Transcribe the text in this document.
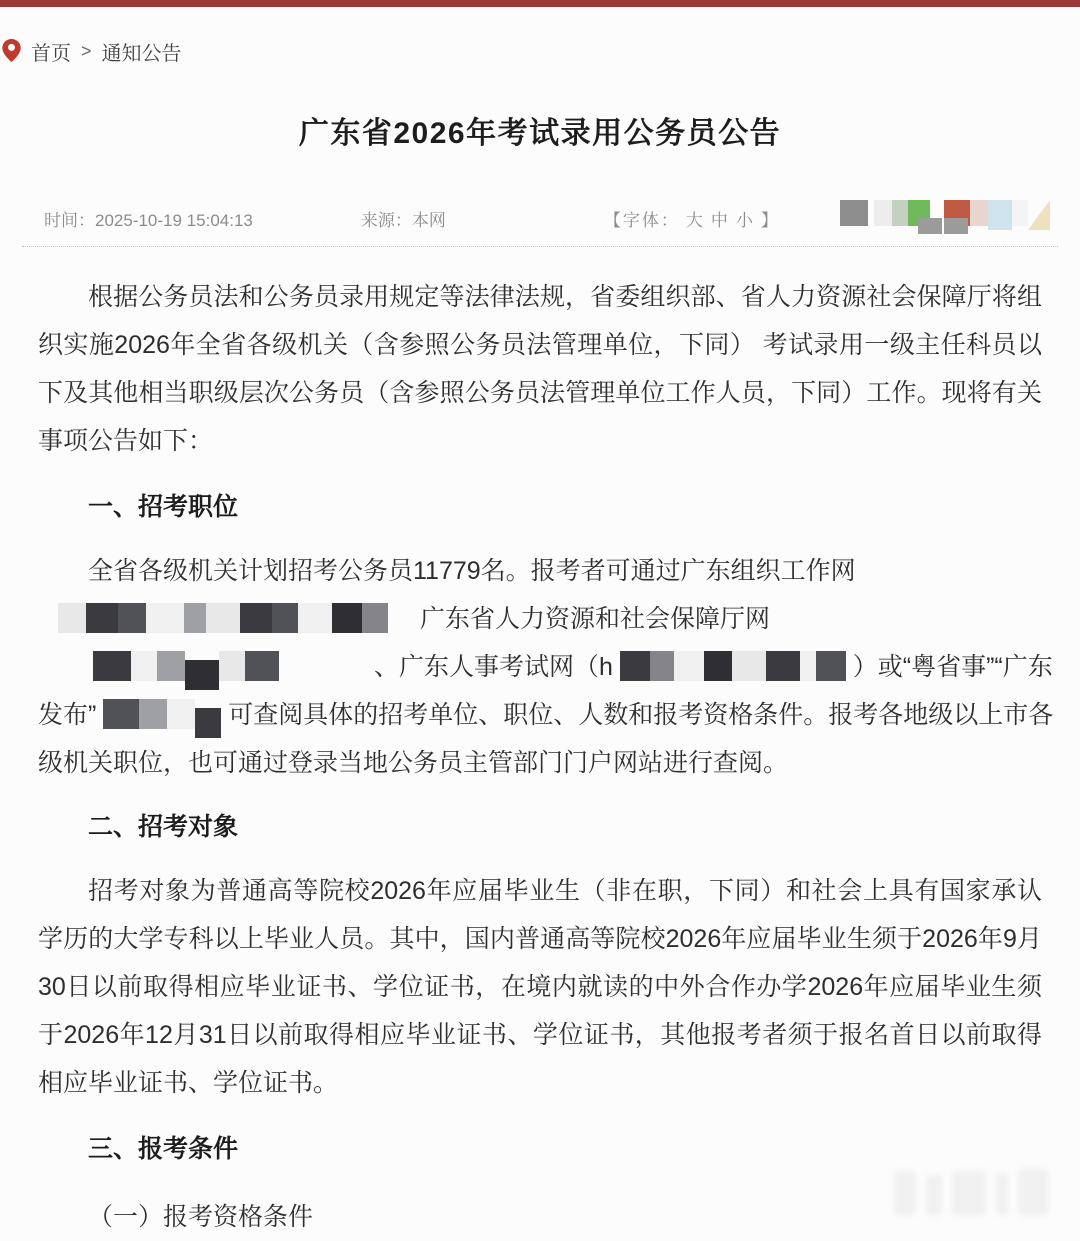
首页 > 通知公告
广东省2026年考试录用公务员公告
时间：2025-10-19 15:04:13	来源：本网	【字体： 大 中 小 】

根据公务员法和公务员录用规定等法律法规，省委组织部、省人力资源社会保障厅将组织实施2026年全省各级机关（含参照公务员法管理单位，下同） 考试录用一级主任科员以下及其他相当职级层次公务员（含参照公务员法管理单位工作人员，下同）工作。现将有关事项公告如下：

一、招考职位

全省各级机关计划招考公务员11779名。报考者可通过广东组织工作网
广东省人力资源和社会保障厅网
、广东人事考试网（h	）或“粤省事”“广东
发布”	可查阅具体的招考单位、职位、人数和报考资格条件。报考各地级以上市各
级机关职位，也可通过登录当地公务员主管部门门户网站进行查阅。

二、招考对象

招考对象为普通高等院校2026年应届毕业生（非在职，下同）和社会上具有国家承认学历的大学专科以上毕业人员。其中，国内普通高等院校2026年应届毕业生须于2026年9月30日以前取得相应毕业证书、学位证书，在境内就读的中外合作办学2026年应届毕业生须于2026年12月31日以前取得相应毕业证书、学位证书，其他报考者须于报名首日以前取得相应毕业证书、学位证书。

三、报考条件

（一）报考资格条件
